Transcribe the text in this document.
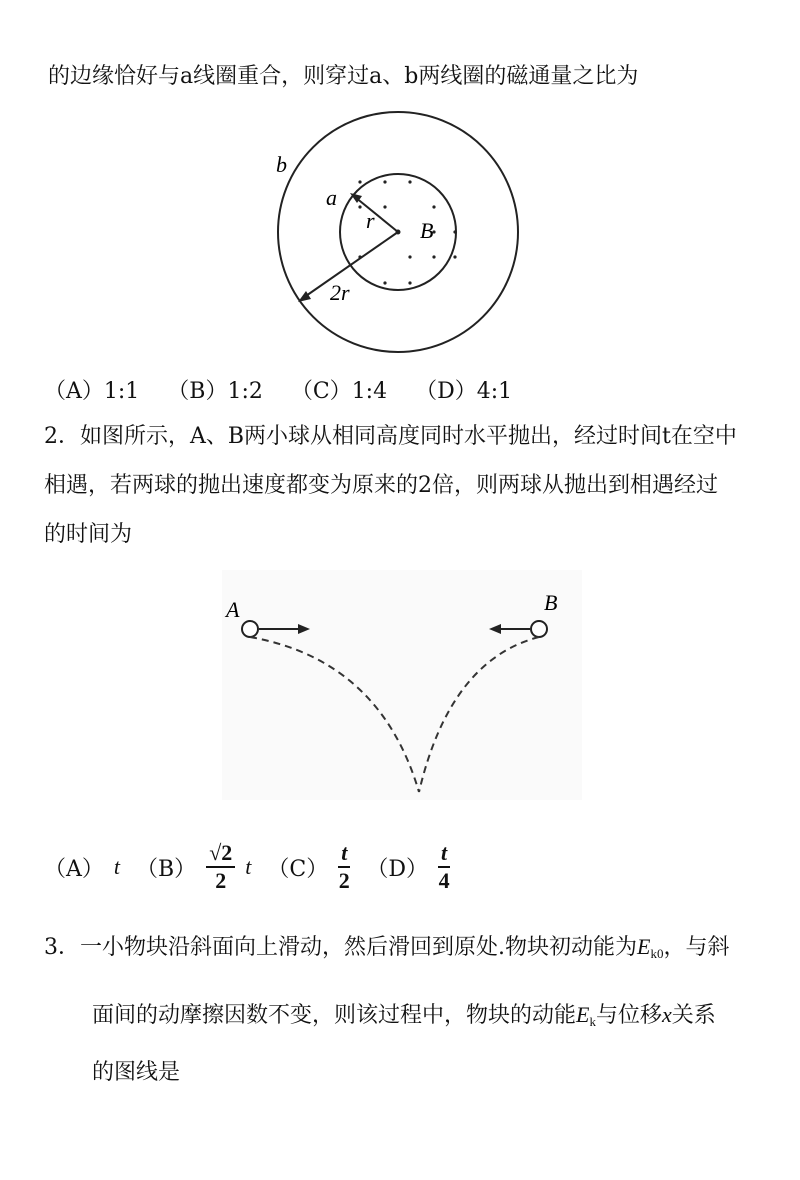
的边缘恰好与a线圈重合，则穿过a、b两线圈的磁通量之比为
b
a
r B
2r
A	B
（A）1:1 （B）1:2 （C）1:4 （D）4:1
2．如图所示，A、B两小球从相同高度同时水平抛出，经过时间t在空中
相遇，若两球的抛出速度都变为原来的2倍，则两球从抛出到相遇经过
的时间为
（A） t $(B) \frac{√2}{2}$ t $(C) \frac{t}{2} (D) \frac{t}{4}$
3．一小物块沿斜面向上滑动，然后滑回到原处.物块初动能为$E_{k0}$，与斜
面间的动摩擦因数不变，则该过程中，物块的动能$E_k$与位移x关系
的图线是
